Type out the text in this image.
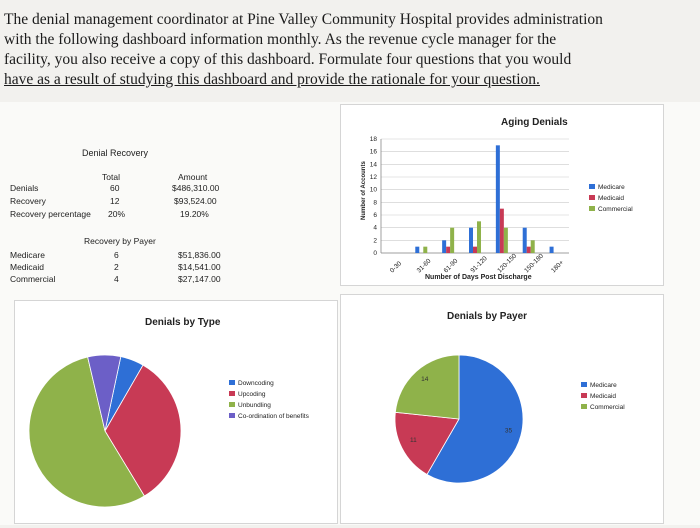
The denial management coordinator at Pine Valley Community Hospital provides administration
with the following dashboard information monthly. As the revenue cycle manager for the
facility, you also receive a copy of this dashboard. Formulate four questions that you would
have as a result of studying this dashboard and provide the rationale for your question.
Denial Recovery
Total	Amount
Denials	60	$486,310.00
Recovery	12	$93,524.00
Recovery percentage 20%	19.20%
Recovery by Payer
Medicare	6	$51,836.00
Medicaid	2	$14,541.00
Commercial	4	$27,147.00
Aging Denials
Number of Accounts
Number of Days Post Discharge
0
2
4
6
8
10
12
14
16
18
0-30 31-60 61-90 91-120 120-150 150-180 180+
Medicare
Medicaid
Commercial
Denials by Type
Downcoding
Upcoding
Unbundling
Co-ordination of benefits
Denials by Payer
35
11
14
Medicare
Medicaid
Commercial
